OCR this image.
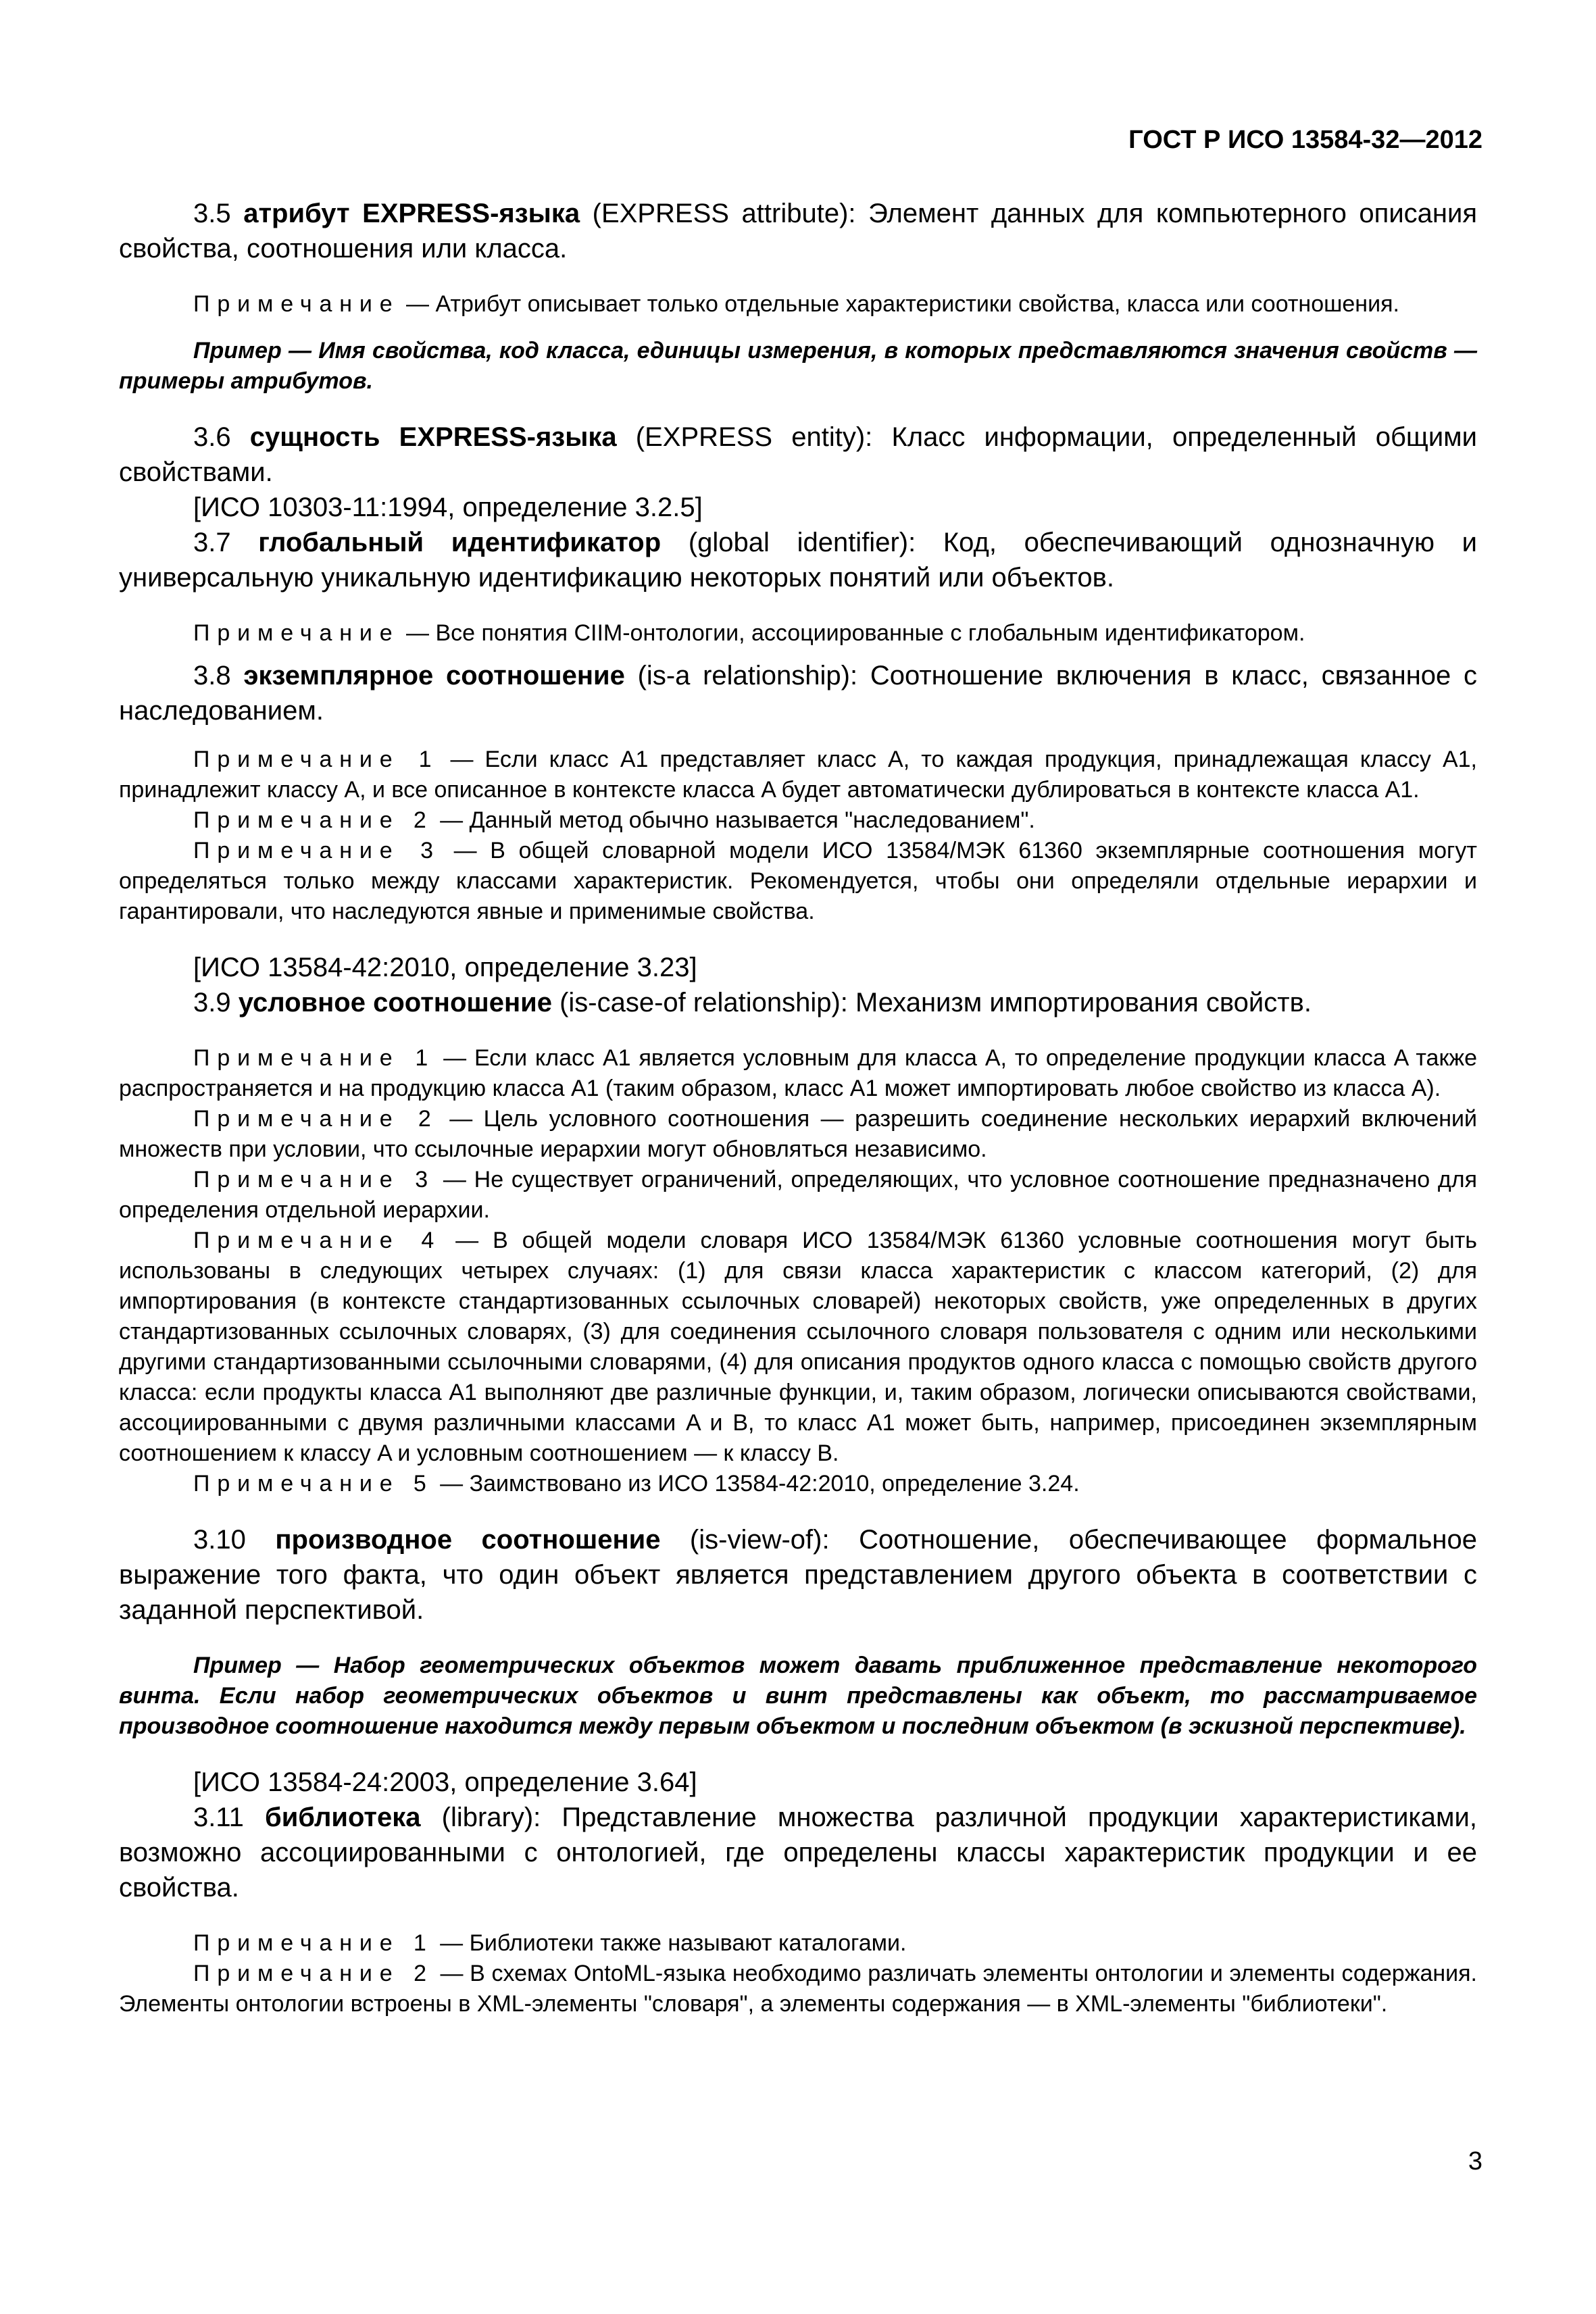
ГОСТ Р ИСО 13584-32—2012

3.5 атрибут EXPRESS-языка (EXPRESS attribute): Элемент данных для компьютерного описания свойства, соотношения или класса.

Примечание — Атрибут описывает только отдельные характеристики свойства, класса или соотношения.

Пример — Имя свойства, код класса, единицы измерения, в которых представляются значения свойств — примеры атрибутов.

3.6 сущность EXPRESS-языка (EXPRESS entity): Класс информации, определенный общими свойствами.

[ИСО 10303-11:1994, определение 3.2.5]

3.7 глобальный идентификатор (global identifier): Код, обеспечивающий однозначную и универсальную уникальную идентификацию некоторых понятий или объектов.

Примечание — Все понятия CIIM-онтологии, ассоциированные с глобальным идентификатором.

3.8 экземплярное соотношение (is-a relationship): Соотношение включения в класс, связанное с наследованием.

Примечание 1 — Если класс A1 представляет класс A, то каждая продукция, принадлежащая классу A1, принадлежит классу A, и все описанное в контексте класса A будет автоматически дублироваться в контексте класса A1.

Примечание 2 — Данный метод обычно называется "наследованием".

Примечание 3 — В общей словарной модели ИСО 13584/МЭК 61360 экземплярные соотношения могут определяться только между классами характеристик. Рекомендуется, чтобы они определяли отдельные иерархии и гарантировали, что наследуются явные и применимые свойства.

[ИСО 13584-42:2010, определение 3.23]

3.9 условное соотношение (is-case-of relationship): Механизм импортирования свойств.

Примечание 1 — Если класс A1 является условным для класса A, то определение продукции класса A также распространяется и на продукцию класса A1 (таким образом, класс A1 может импортировать любое свойство из класса A).

Примечание 2 — Цель условного соотношения — разрешить соединение нескольких иерархий включений множеств при условии, что ссылочные иерархии могут обновляться независимо.

Примечание 3 — Не существует ограничений, определяющих, что условное соотношение предназначено для определения отдельной иерархии.

Примечание 4 — В общей модели словаря ИСО 13584/МЭК 61360 условные соотношения могут быть использованы в следующих четырех случаях: (1) для связи класса характеристик с классом категорий, (2) для импортирования (в контексте стандартизованных ссылочных словарей) некоторых свойств, уже определенных в других стандартизованных ссылочных словарях, (3) для соединения ссылочного словаря пользователя с одним или несколькими другими стандартизованными ссылочными словарями, (4) для описания продуктов одного класса с помощью свойств другого класса: если продукты класса A1 выполняют две различные функции, и, таким образом, логически описываются свойствами, ассоциированными с двумя различными классами A и B, то класс A1 может быть, например, присоединен экземплярным соотношением к классу A и условным соотношением — к классу B.

Примечание 5 — Заимствовано из ИСО 13584-42:2010, определение 3.24.

3.10 производное соотношение (is-view-of): Соотношение, обеспечивающее формальное выражение того факта, что один объект является представлением другого объекта в соответствии с заданной перспективой.

Пример — Набор геометрических объектов может давать приближенное представление некоторого винта. Если набор геометрических объектов и винт представлены как объект, то рассматриваемое производное соотношение находится между первым объектом и последним объектом (в эскизной перспективе).

[ИСО 13584-24:2003, определение 3.64]

3.11 библиотека (library): Представление множества различной продукции характеристиками, возможно ассоциированными с онтологией, где определены классы характеристик продукции и ее свойства.

Примечание 1 — Библиотеки также называют каталогами.

Примечание 2 — В схемах OntoML-языка необходимо различать элементы онтологии и элементы содержания. Элементы онтологии встроены в XML-элементы "словаря", а элементы содержания — в XML-элементы "библиотеки".

3
